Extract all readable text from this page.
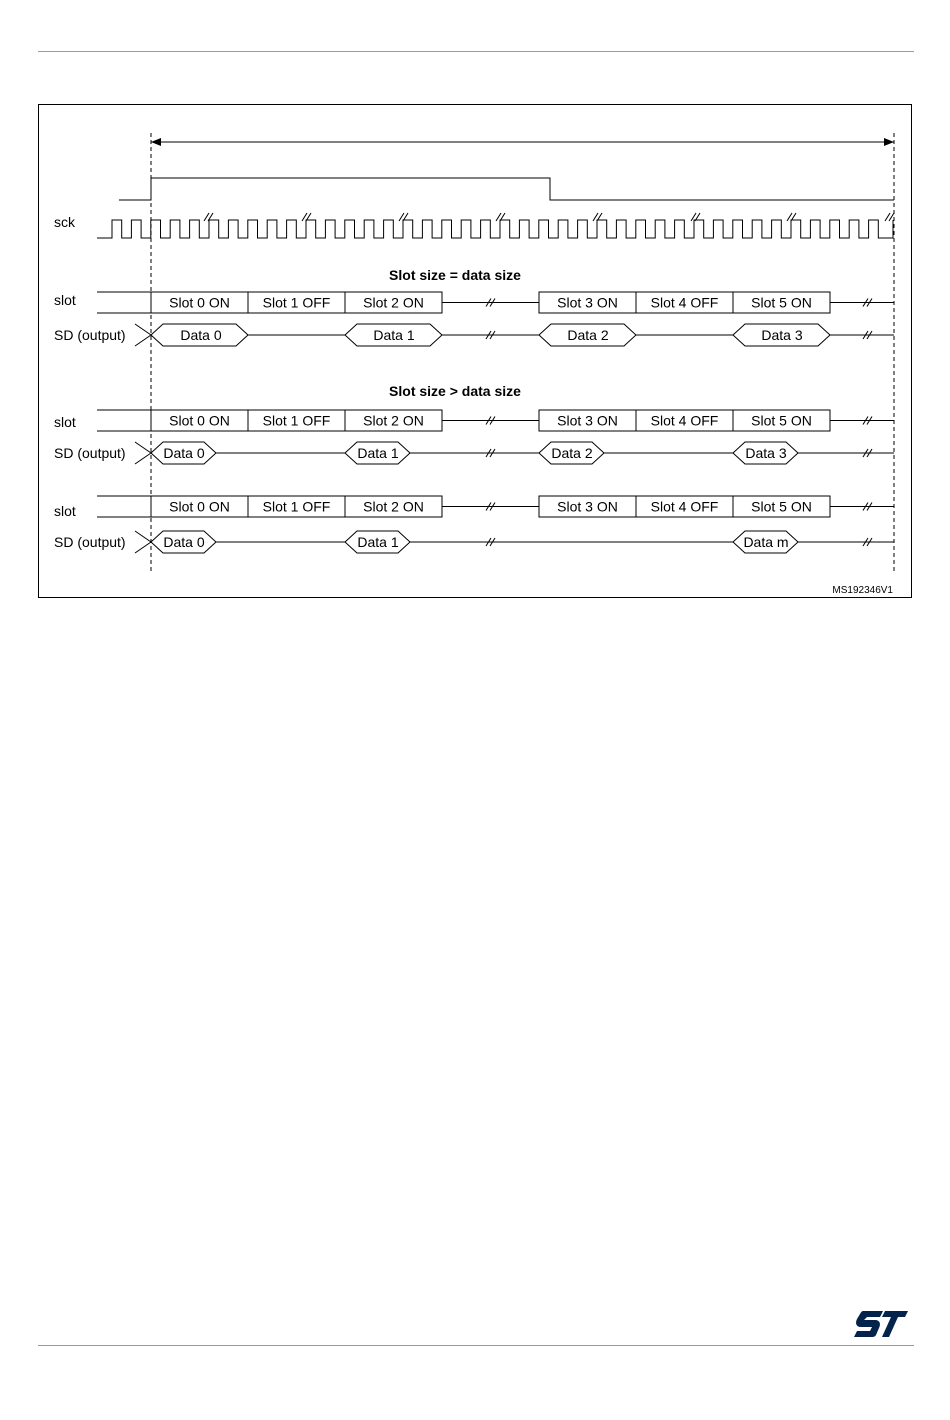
sck
Slot size = data size
Slot size > data size
slot
SD (output)
Slot 0 ON Slot 1 OFF Slot 2 ON	Slot 3 ON Slot 4 OFF Slot 5 ON
Data 0	Data 1	Data 2	Data 3
slot
SD (output)
Slot 0 ON Slot 1 OFF Slot 2 ON	Slot 3 ON Slot 4 OFF Slot 5 ON
Data 0	Data 1	Data 2	Data 3
slot
SD (output)
Slot 0 ON Slot 1 OFF Slot 2 ON	Slot 3 ON Slot 4 OFF Slot 5 ON
Data 0	Data 1	Data m
MS192346V1
